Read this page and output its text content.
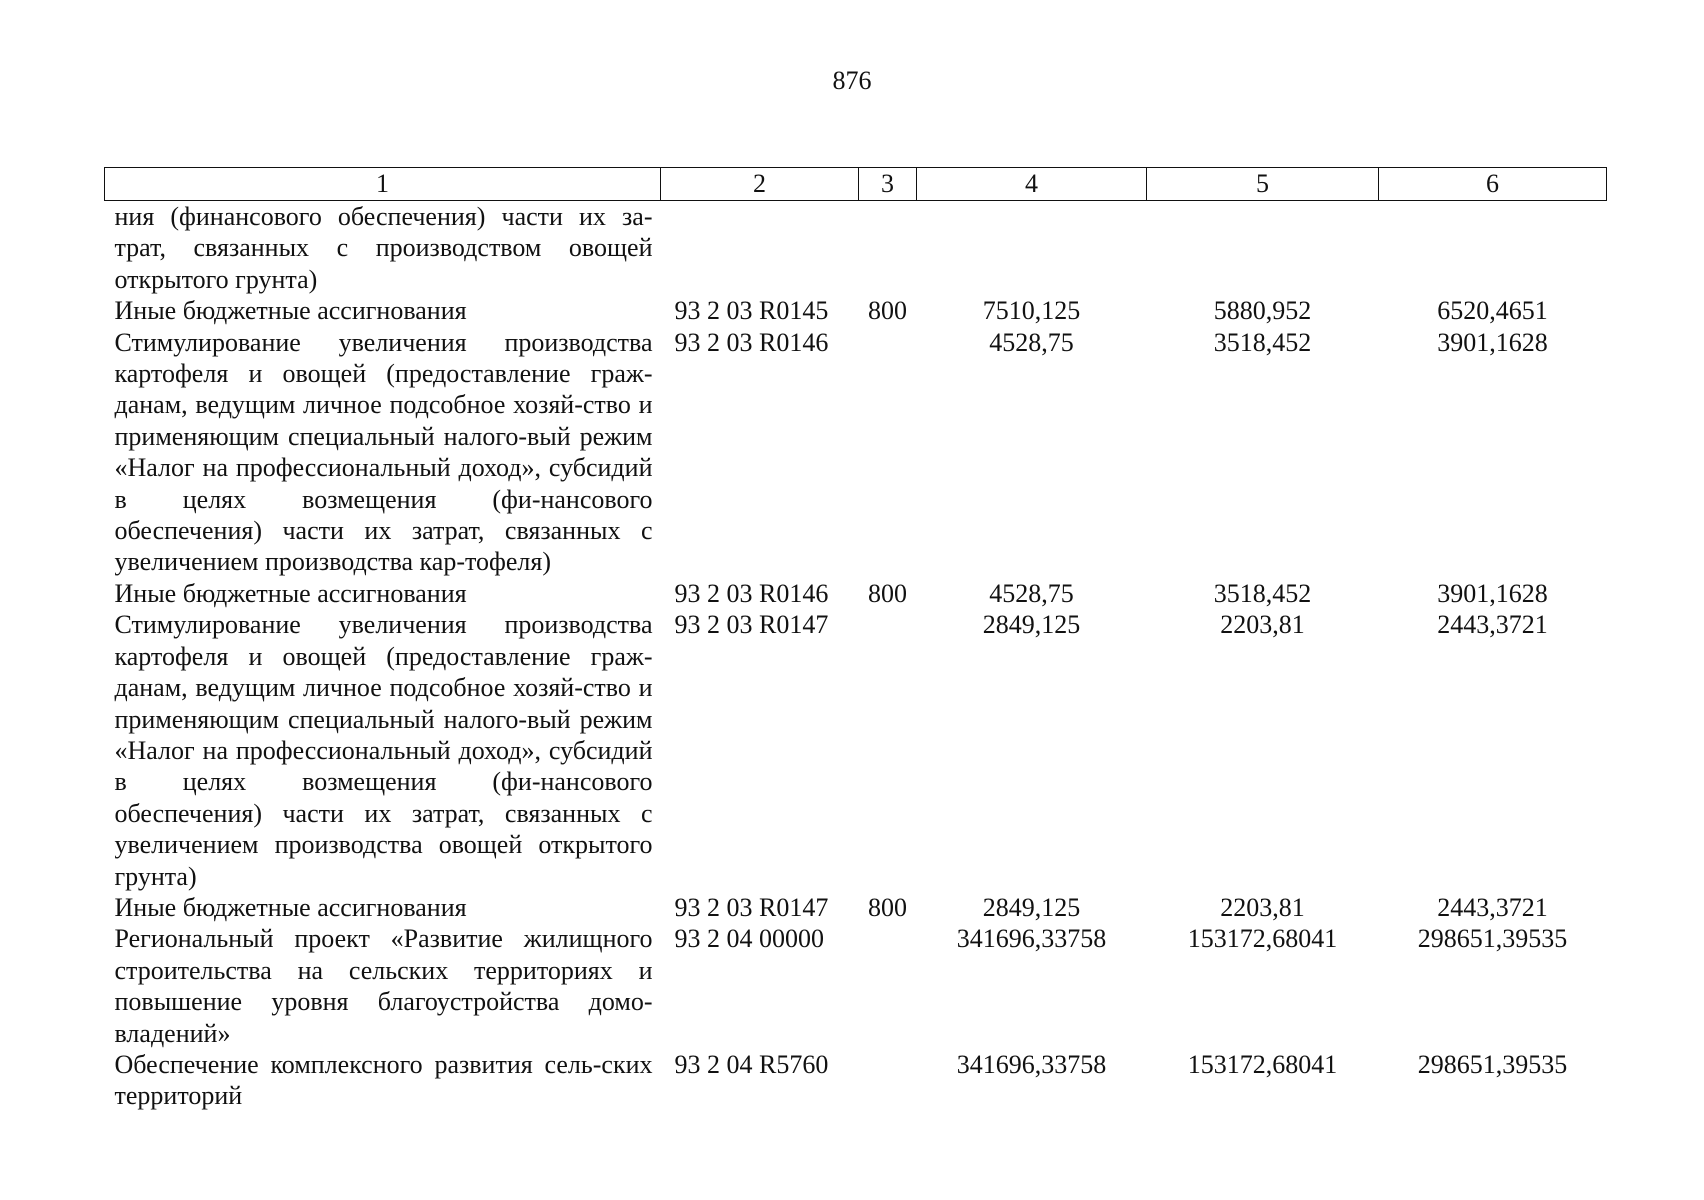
876
1	2	3	4	5	6
ния (финансового обеспечения) части их за-трат, связанных с производством овощей открытого грунта)					
Иные бюджетные ассигнования	93 2 03 R0145	800	7510,125	5880,952	6520,4651
Стимулирование увеличения производства картофеля и овощей (предоставление граж-данам, ведущим личное подсобное хозяй-ство и применяющим специальный налого-вый режим «Налог на профессиональный доход», субсидий в целях возмещения (фи-нансового обеспечения) части их затрат, связанных с увеличением производства кар-тофеля)	93 2 03 R0146		4528,75	3518,452	3901,1628
Иные бюджетные ассигнования	93 2 03 R0146	800	4528,75	3518,452	3901,1628
Стимулирование увеличения производства картофеля и овощей (предоставление граж-данам, ведущим личное подсобное хозяй-ство и применяющим специальный налого-вый режим «Налог на профессиональный доход», субсидий в целях возмещения (фи-нансового обеспечения) части их затрат, связанных с увеличением производства овощей открытого грунта)	93 2 03 R0147		2849,125	2203,81	2443,3721
Иные бюджетные ассигнования	93 2 03 R0147	800	2849,125	2203,81	2443,3721
Региональный проект «Развитие жилищного строительства на сельских территориях и повышение уровня благоустройства домо-владений»	93 2 04 00000		341696,33758	153172,68041	298651,39535
Обеспечение комплексного развития сель-ских территорий	93 2 04 R5760		341696,33758	153172,68041	298651,39535
